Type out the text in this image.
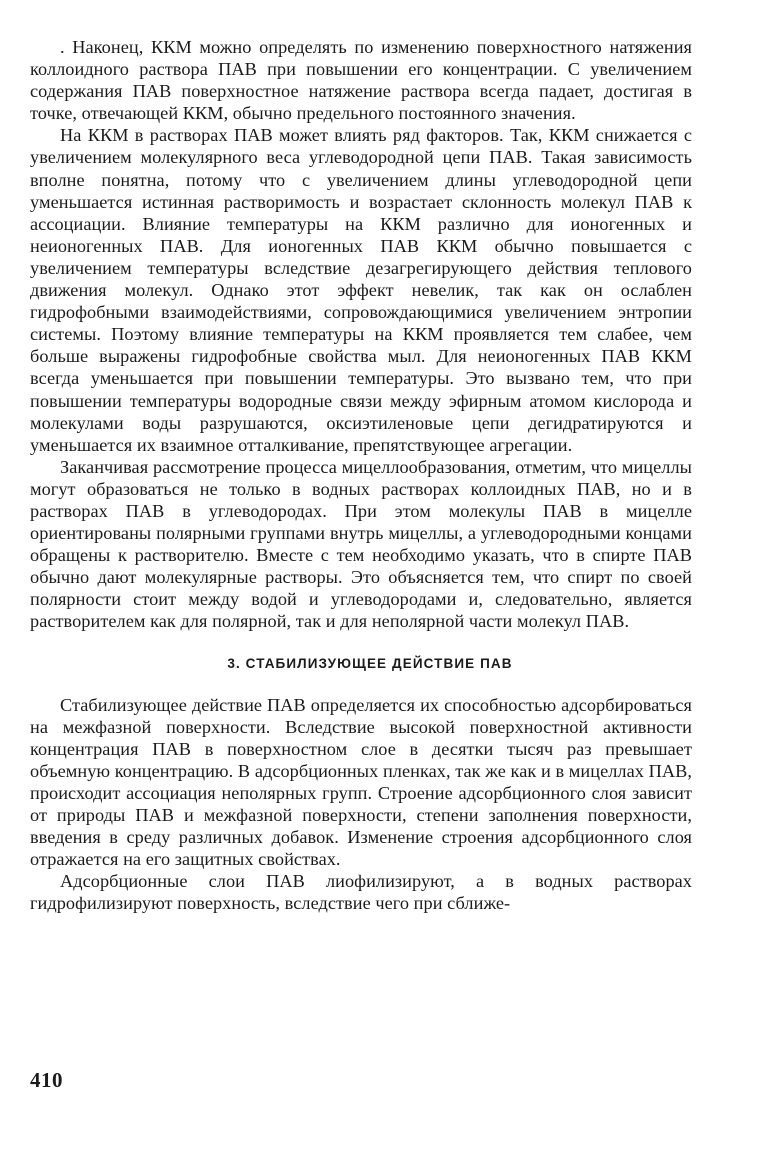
. Наконец, ККМ можно определять по изменению поверхностного натяжения коллоидного раствора ПАВ при повышении его концентрации. С увеличением содержания ПАВ поверхностное натяжение раствора всегда падает, достигая в точке, отвечающей ККМ, обычно предельного постоянного значения.

На ККМ в растворах ПАВ может влиять ряд факторов. Так, ККМ снижается с увеличением молекулярного веса углеводородной цепи ПАВ. Такая зависимость вполне понятна, потому что с увеличением длины углеводородной цепи уменьшается истинная растворимость и возрастает склонность молекул ПАВ к ассоциации. Влияние температуры на ККМ различно для ионогенных и неионогенных ПАВ. Для ионогенных ПАВ ККМ обычно повышается с увеличением температуры вследствие дезагрегирующего действия теплового движения молекул. Однако этот эффект невелик, так как он ослаблен гидрофобными взаимодействиями, сопровождающимися увеличением энтропии системы. Поэтому влияние температуры на ККМ проявляется тем слабее, чем больше выражены гидрофобные свойства мыл. Для неионогенных ПАВ ККМ всегда уменьшается при повышении температуры. Это вызвано тем, что при повышении температуры водородные связи между эфирным атомом кислорода и молекулами воды разрушаются, оксиэтиленовые цепи дегидратируются и уменьшается их взаимное отталкивание, препятствующее агрегации.

Заканчивая рассмотрение процесса мицеллообразования, отметим, что мицеллы могут образоваться не только в водных растворах коллоидных ПАВ, но и в растворах ПАВ в углеводородах. При этом молекулы ПАВ в мицелле ориентированы полярными группами внутрь мицеллы, а углеводородными концами обращены к растворителю. Вместе с тем необходимо указать, что в спирте ПАВ обычно дают молекулярные растворы. Это объясняется тем, что спирт по своей полярности стоит между водой и углеводородами и, следовательно, является растворителем как для полярной, так и для неполярной части молекул ПАВ.

3. СТАБИЛИЗУЮЩЕЕ ДЕЙСТВИЕ ПАВ

Стабилизующее действие ПАВ определяется их способностью адсорбироваться на межфазной поверхности. Вследствие высокой поверхностной активности концентрация ПАВ в поверхностном слое в десятки тысяч раз превышает объемную концентрацию. В адсорбционных пленках, так же как и в мицеллах ПАВ, происходит ассоциация неполярных групп. Строение адсорбционного слоя зависит от природы ПАВ и межфазной поверхности, степени заполнения поверхности, введения в среду различных добавок. Изменение строения адсорбционного слоя отражается на его защитных свойствах.

Адсорбционные слои ПАВ лиофилизируют, а в водных растворах гидрофилизируют поверхность, вследствие чего при сближе-

410
